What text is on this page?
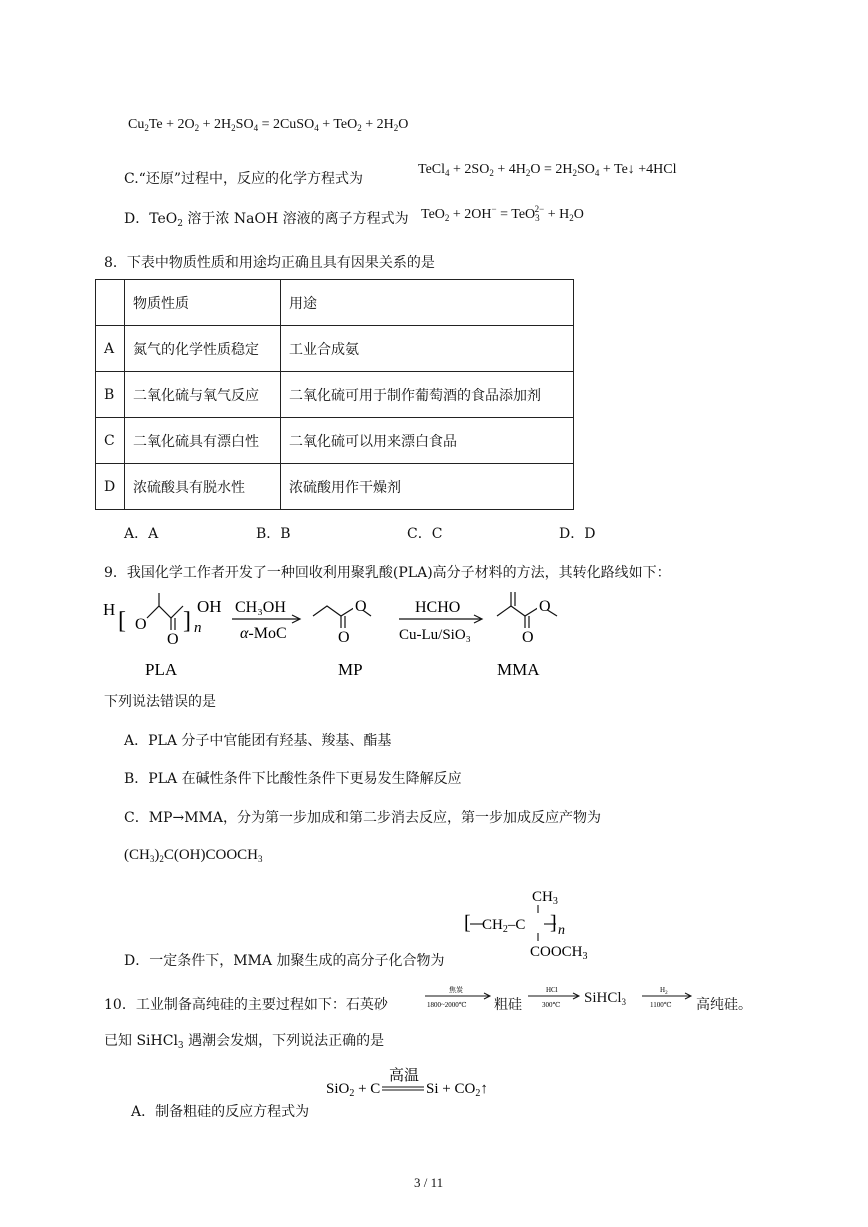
$Cu_2Te + 2O_2 + 2H_2SO_4$ = 2CuSO$_4$ + $TeO_2 + 2H_2O$
C.“还原”过程中，反应的化学方程式为
TeCl$_4$ + $2SO_2 + 4H_2O = 2H_2SO_4$ + Te↓ +4HCl
D．TeO$_2$ 溶于浓 NaOH 溶液的离子方程式为 $TeO_2 + 2OH^- = TeO_3^{2-} + H_2O$
8．下表中物质性质和用途均正确且具有因果关系的是
	物质性质	用途
A	氮气的化学性质稳定	工业合成氨
B	二氧化硫与氧气反应	二氧化硫可用于制作葡萄酒的食品添加剂
C	二氧化硫具有漂白性	二氧化硫可以用来漂白食品
D	浓硫酸具有脱水性	浓硫酸用作干燥剂
A．A	B．B	C．C	D．D
9．我国化学工作者开发了一种回收利用聚乳酸(PLA)高分子材料的方法，其转化路线如下：
H [ O
O
] n
OH CH₃OH
α-MoC
O
O
HCHO
Cu-Lu/SiO₃
O
O
PLA	MP	MMA
下列说法错误的是
A．PLA 分子中官能团有羟基、羧基、酯基
B．PLA 在碱性条件下比酸性条件下更易发生降解反应
C．MP→MMA，分为第一步加成和第二步消去反应，第一步加成反应产物为
$(CH_3)_2C(OH)COOCH_3$
$CH_3$
[ $CH_2-C$ ] n
$COOCH_3$
D．一定条件下，MMA 加聚生成的高分子化合物为
10．工业制备高纯硅的主要过程如下：石英砂
焦炭
1800~2000℃ 粗硅
HCl
300℃ SiHCl$_3$
$H_2$
1100℃ 高纯硅。
已知 SiHCl$_3$ 遇潮会发烟，下列说法正确的是
SiO$_2$ + C
高温
$Si + CO_2↑$
A．制备粗硅的反应方程式为
3 / 11
